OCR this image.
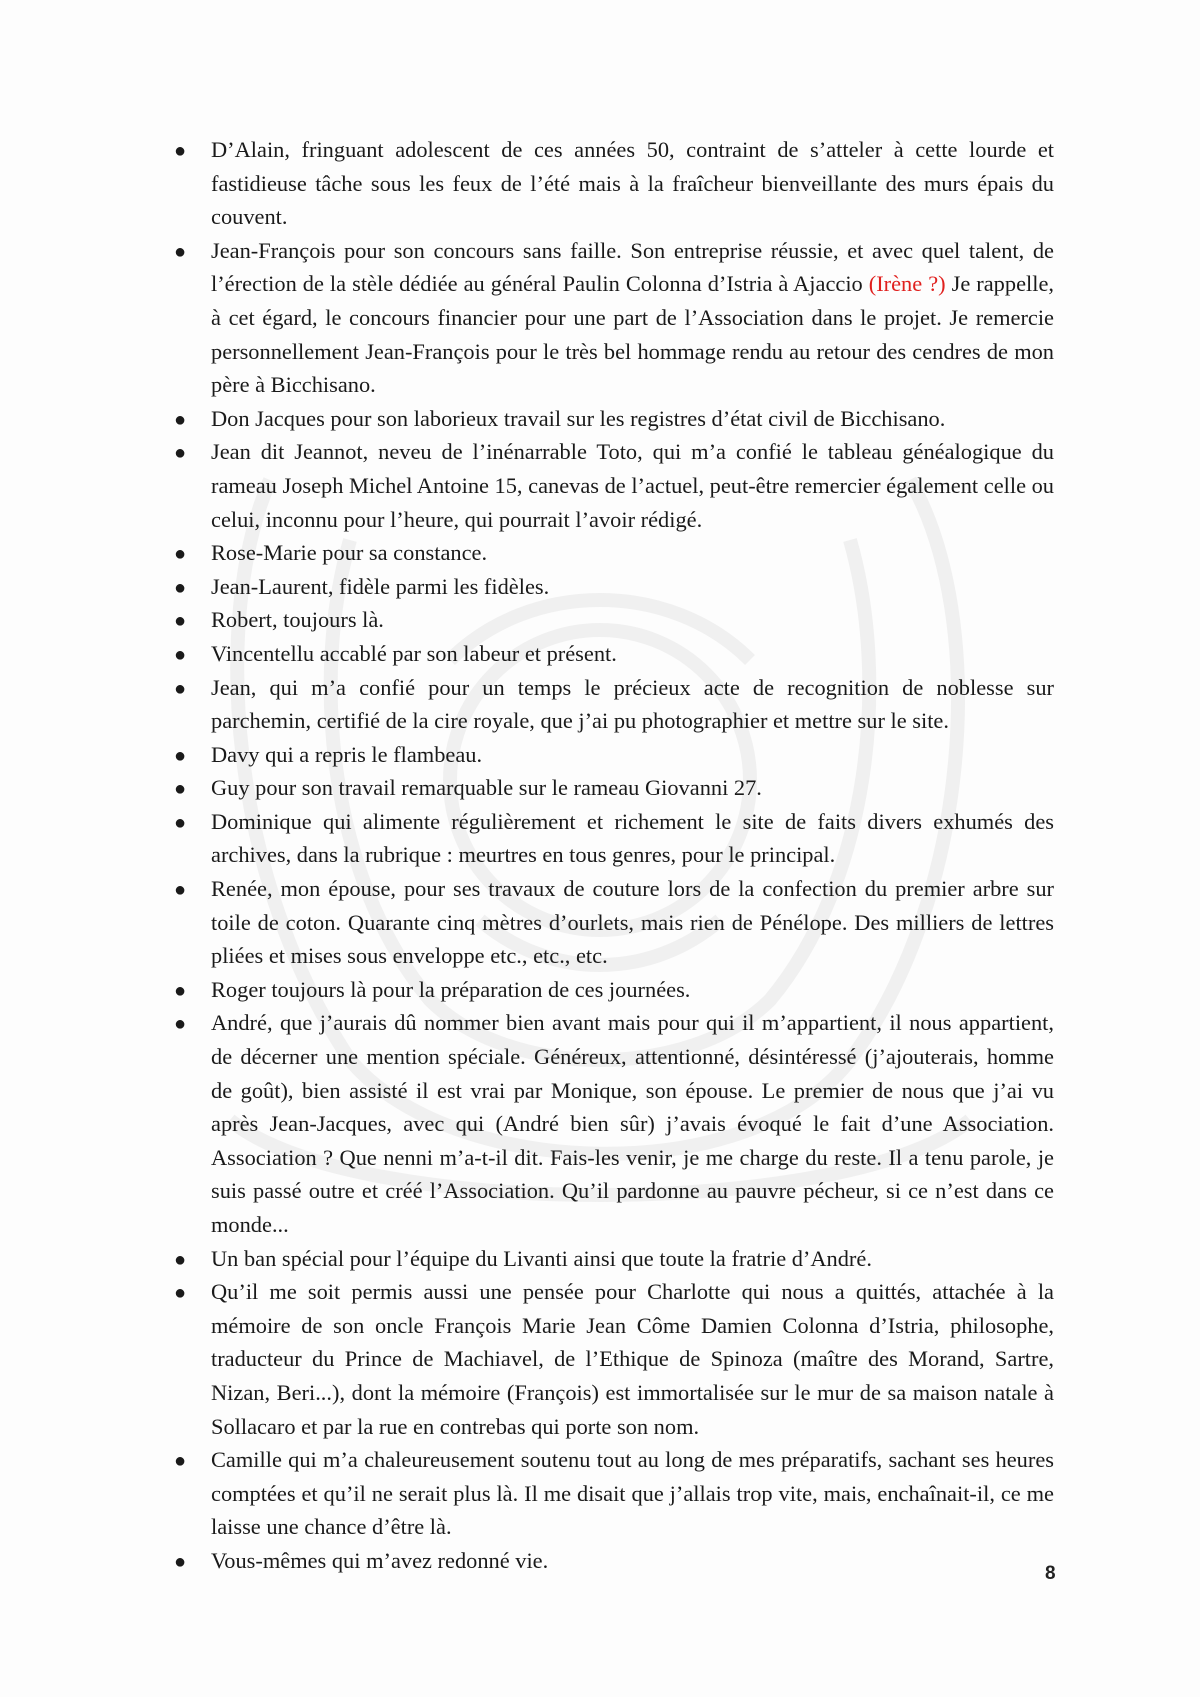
● D’Alain, fringuant adolescent de ces années 50, contraint de s’atteler à cette lourde et fastidieuse tâche sous les feux de l’été mais à la fraîcheur bienveillante des murs épais du couvent.
● Jean-François pour son concours sans faille. Son entreprise réussie, et avec quel talent, de l’érection de la stèle dédiée au général Paulin Colonna d’Istria à Ajaccio (Irène ?) Je rappelle, à cet égard, le concours financier pour une part de l’Association dans le projet. Je remercie personnellement Jean-François pour le très bel hommage rendu au retour des cendres de mon père à Bicchisano.
● Don Jacques pour son laborieux travail sur les registres d’état civil de Bicchisano.
● Jean dit Jeannot, neveu de l’inénarrable Toto, qui m’a confié le tableau généalogique du rameau Joseph Michel Antoine 15, canevas de l’actuel, peut-être remercier également celle ou celui, inconnu pour l’heure, qui pourrait l’avoir rédigé.
● Rose-Marie pour sa constance.
● Jean-Laurent, fidèle parmi les fidèles.
● Robert, toujours là.
● Vincentellu accablé par son labeur et présent.
● Jean, qui m’a confié pour un temps le précieux acte de recognition de noblesse sur parchemin, certifié de la cire royale, que j’ai pu photographier et mettre sur le site.
● Davy qui a repris le flambeau.
● Guy pour son travail remarquable sur le rameau Giovanni 27.
● Dominique qui alimente régulièrement et richement le site de faits divers exhumés des archives, dans la rubrique : meurtres en tous genres, pour le principal.
● Renée, mon épouse, pour ses travaux de couture lors de la confection du premier arbre sur toile de coton. Quarante cinq mètres d’ourlets, mais rien de Pénélope. Des milliers de lettres pliées et mises sous enveloppe etc., etc., etc.
● Roger toujours là pour la préparation de ces journées.
● André, que j’aurais dû nommer bien avant mais pour qui il m’appartient, il nous appartient, de décerner une mention spéciale. Généreux, attentionné, désintéressé (j’ajouterais, homme de goût), bien assisté il est vrai par Monique, son épouse. Le premier de nous que j’ai vu après Jean-Jacques, avec qui (André bien sûr) j’avais évoqué le fait d’une Association. Association ? Que nenni m’a-t-il dit. Fais-les venir, je me charge du reste. Il a tenu parole, je suis passé outre et créé l’Association. Qu’il pardonne au pauvre pécheur, si ce n’est dans ce monde...
● Un ban spécial pour l’équipe du Livanti ainsi que toute la fratrie d’André.
● Qu’il me soit permis aussi une pensée pour Charlotte qui nous a quittés, attachée à la mémoire de son oncle François Marie Jean Côme Damien Colonna d’Istria, philosophe, traducteur du Prince de Machiavel, de l’Ethique de Spinoza (maître des Morand, Sartre, Nizan, Beri...), dont la mémoire (François) est immortalisée sur le mur de sa maison natale à Sollacaro et par la rue en contrebas qui porte son nom.
● Camille qui m’a chaleureusement soutenu tout au long de mes préparatifs, sachant ses heures comptées et qu’il ne serait plus là. Il me disait que j’allais trop vite, mais, enchaînait-il, ce me laisse une chance d’être là.
● Vous-mêmes qui m’avez redonné vie.
8
